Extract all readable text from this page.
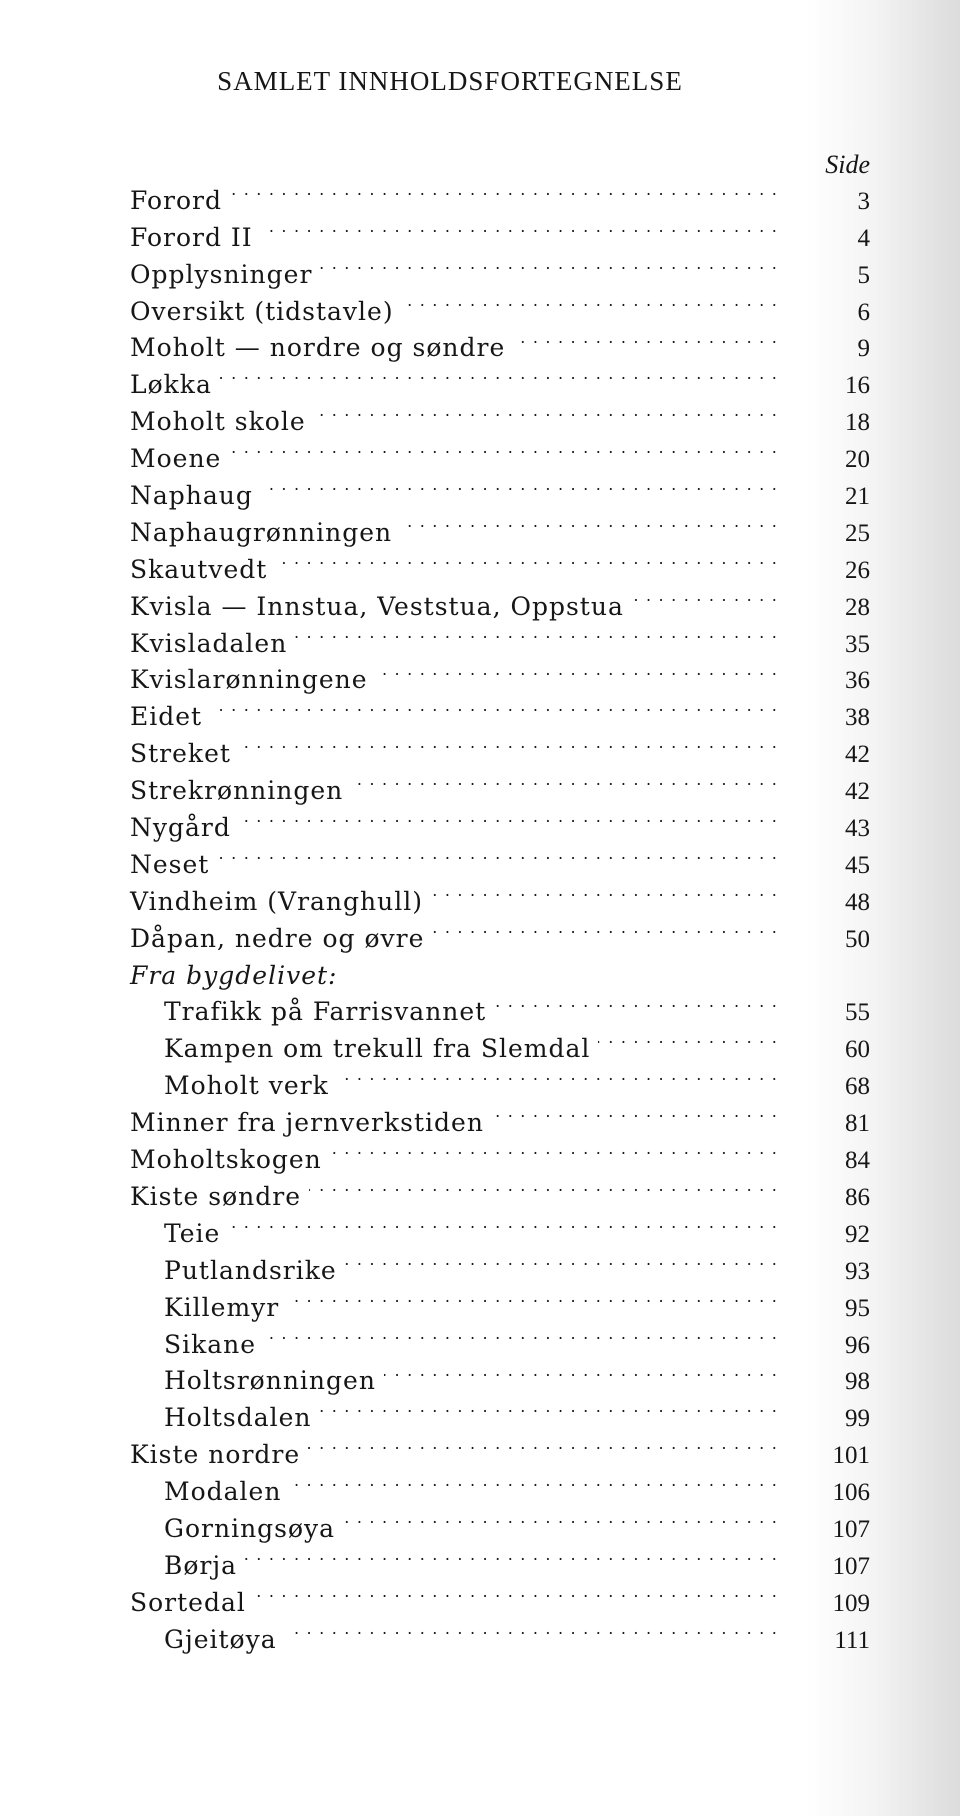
SAMLET INNHOLDSFORTEGNELSE
Side
Forord . . .	3
Forord II . . .	4
Opplysninger . . .	5
Oversikt (tidstavle) . . .	6
Moholt — nordre og søndre . . .	9
Løkka . . .	16
Moholt skole . . .	18
Moene . . .	20
Naphaug . . .	21
Naphaugrønningen . . .	25
Skautvedt . . .	26
Kvisla — Innstua, Veststua, Oppstua . . .	28
Kvisladalen . . .	35
Kvislarønningene . . .	36
Eidet . . .	38
Streket . . .	42
Strekrønningen . . .	42
Nygård . . .	43
Neset . . .	45
Vindheim (Vranghull) . . .	48
Dåpan, nedre og øvre . . .	50
Fra bygdelivet:
Trafikk på Farrisvannet . . .	55
Kampen om trekull fra Slemdal . . .	60
Moholt verk . . .	68
Minner fra jernverkstiden . . .	81
Moholtskogen . . .	84
Kiste søndre . . .	86
Teie . . .	92
Putlandsrike . . .	93
Killemyr . . .	95
Sikane . . .	96
Holtsrønningen . . .	98
Holtsdalen . . .	99
Kiste nordre . . .	101
Modalen . . .	106
Gorningsøya . . .	107
Børja . . .	107
Sortedal . . .	109
Gjeitøya . . .	111
